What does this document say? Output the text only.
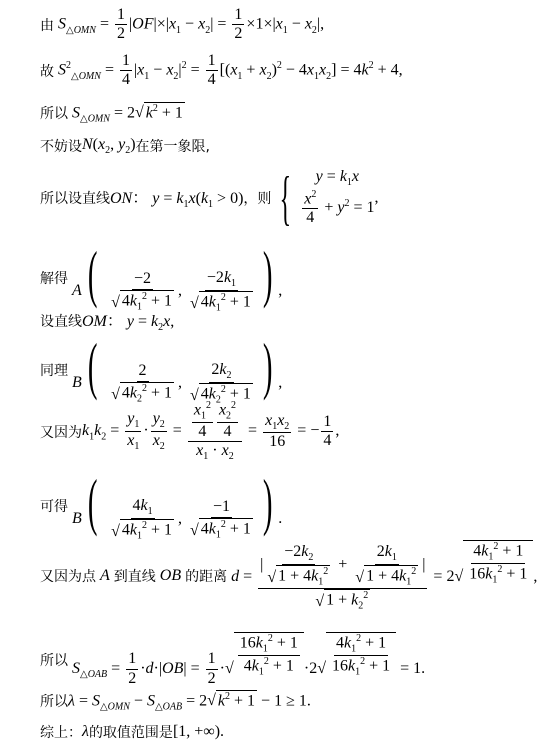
由 $S_{\triangle OMN} = \frac{1}{2} |OF|\times|x_1 - x_2| = \frac{1}{2} \times 1\times|x_1 - x_2|$,
故 $S^2_{\triangle OMN} = \frac{1}{4} |x_1 - x_2|^2 = \frac{1}{4} [(x_1 + x_2)^2 - 4x_1x_2] = 4k^2 + 4$,
所以 $S_{\triangle OMN} = 2√$ $k^2 + 1$
不妨设 $N(x_2$, $y_2$) 在第一象限,
所以设直线 ON： $y = k_1x(k_1 > 0)$ ，则 { $y = k_1x$
$\frac{x^2}{4} + y^2 = 1$
,
解得
$A( \frac{-2}{√ 4k_1^2 + 1}$ , $\frac{-2k_1}{√ 4k_1^2 + 1}$ ) ,
设直线 OM： $y = k_2x$,
同理
$B( \frac{2}{√ 4k_2^2 + 1}$ , $\frac{2k_2}{√ 4k_2^2 + 1}$ ) ,
又因为 $k_1k_2 = \frac{y_1}{x_1} \cdot \frac{y_2}{x_2} = \frac{\frac{x_1^2}{4} \frac{x_2^2}{4}}{x_1 \cdot x_2} = \frac{x_1x_2}{16}$ = − $\frac{1}{4}$ ,
可得
$B( \frac{4k_1}{√ 4k_1^2 + 1}$ , $\frac{-1}{√ 4k_1^2 + 1}$ ) .
又因为点 A 到直线 OB 的距离 $d = \frac{| \frac{-2k_2}{√ 1 + 4k_1^2} + \frac{2k_1}{√ 1 + 4k_1^2} |}{√ 1 + k_2^2} = 2√ \frac{4k_1^2 + 1}{16k_1^2 + 1}$ ,
所以 $S_{\triangle OAB} = \frac{1}{2} \cdot d\cdot|OB| = \frac{1}{2}$ ·√ $\frac{16k_1^2 + 1}{4k_1^2 + 1} \cdot 2√ \frac{4k_1^2 + 1}{16k_1^2 + 1} = 1$.
所以 $\lambda = S_{\triangle OMN} - S_{\triangle OAB} = 2√$ $k^2 + 1 - 1 \ge 1$.
综上： λ 的取值范围是 [1, +∞).
